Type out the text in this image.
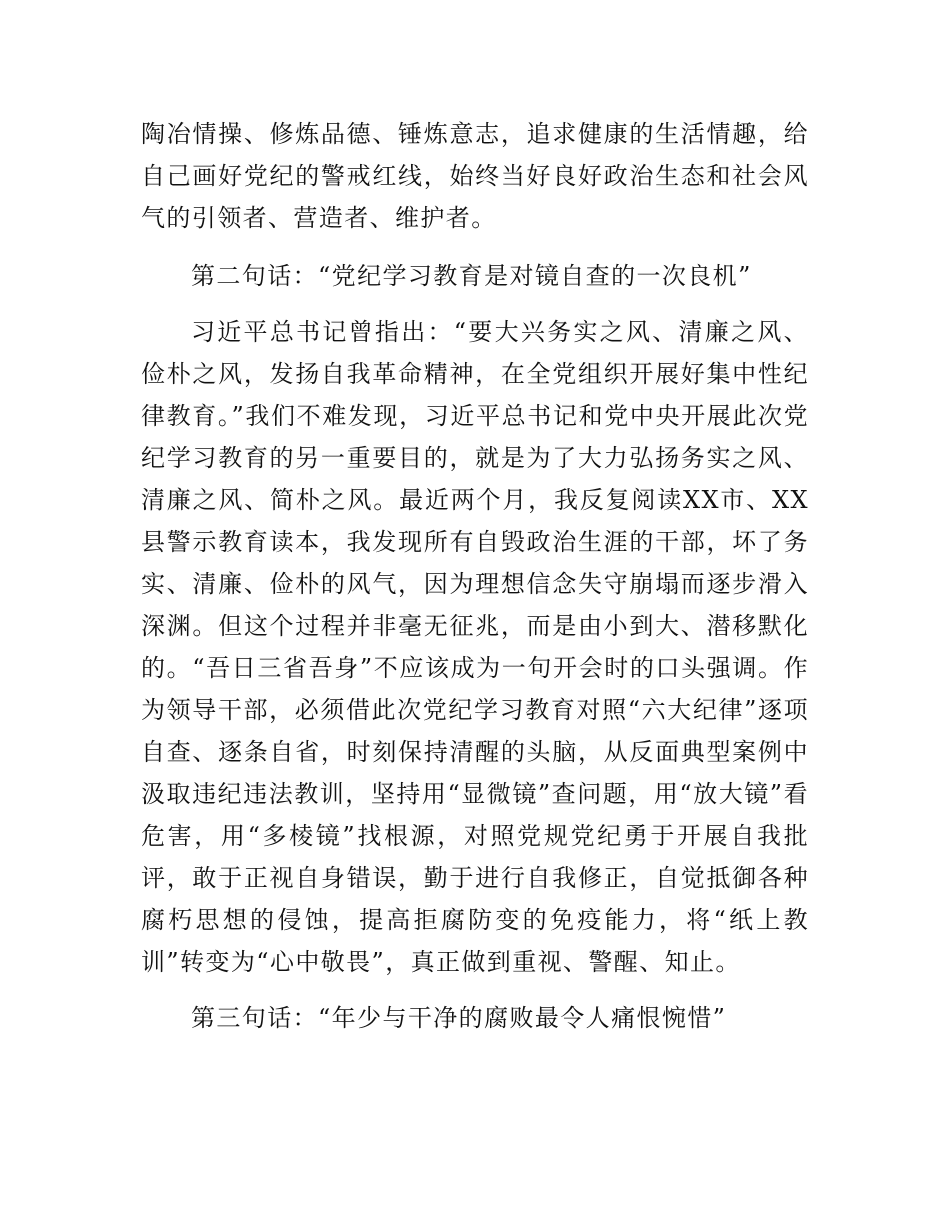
陶冶情操、修炼品德、锤炼意志，追求健康的生活情趣，给自己画好党纪的警戒红线，始终当好良好政治生态和社会风气的引领者、营造者、维护者。

第二句话：“党纪学习教育是对镜自查的一次良机”

习近平总书记曾指出：“要大兴务实之风、清廉之风、俭朴之风，发扬自我革命精神，在全党组织开展好集中性纪律教育。”我们不难发现，习近平总书记和党中央开展此次党纪学习教育的另一重要目的，就是为了大力弘扬务实之风、清廉之风、简朴之风。最近两个月，我反复阅读XX市、XX县警示教育读本，我发现所有自毁政治生涯的干部，坏了务实、清廉、俭朴的风气，因为理想信念失守崩塌而逐步滑入深渊。但这个过程并非毫无征兆，而是由小到大、潜移默化的。“吾日三省吾身”不应该成为一句开会时的口头强调。作为领导干部，必须借此次党纪学习教育对照“六大纪律”逐项自查、逐条自省，时刻保持清醒的头脑，从反面典型案例中汲取违纪违法教训，坚持用“显微镜”查问题，用“放大镜”看危害，用“多棱镜”找根源，对照党规党纪勇于开展自我批评，敢于正视自身错误，勤于进行自我修正，自觉抵御各种腐朽思想的侵蚀，提高拒腐防变的免疫能力，将“纸上教训”转变为“心中敬畏”，真正做到重视、警醒、知止。

第三句话：“年少与干净的腐败最令人痛恨惋惜”
